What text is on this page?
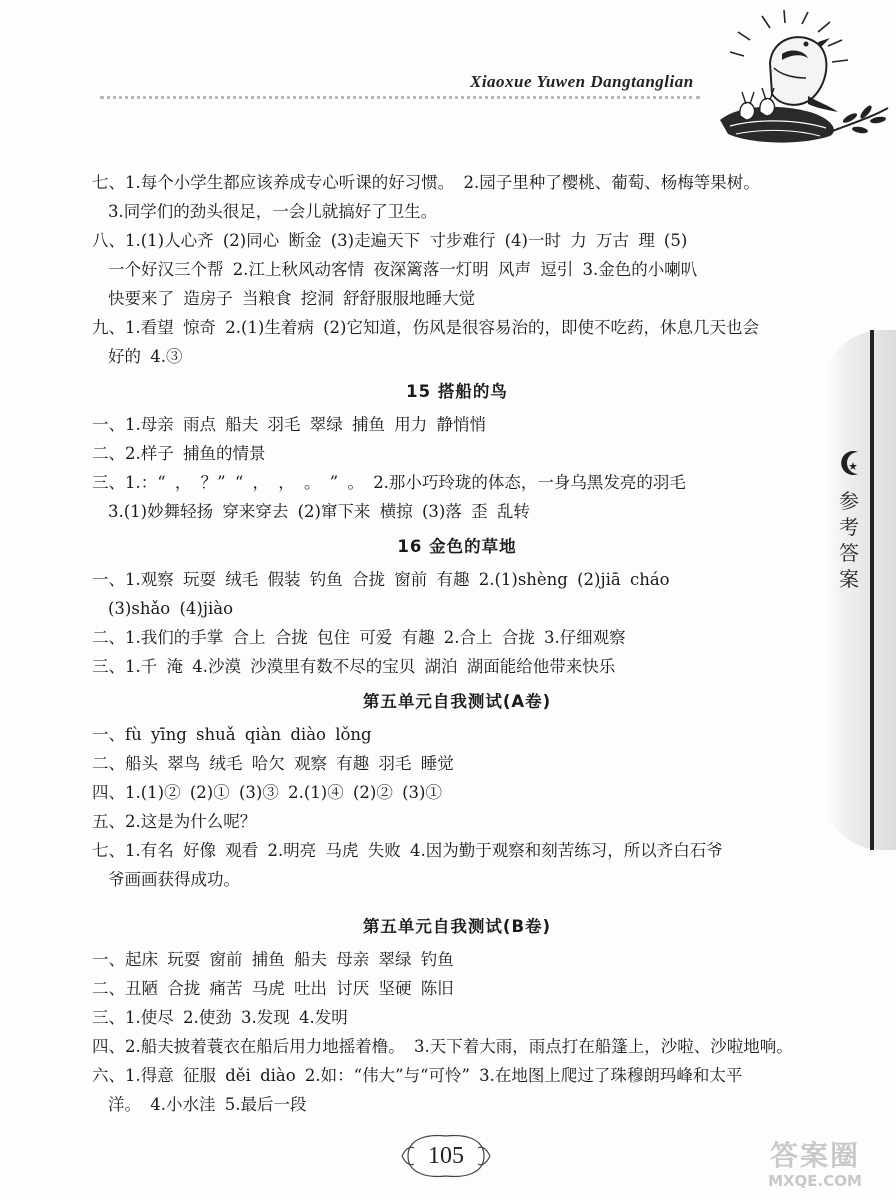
Xiaoxue Yuwen Dangtanglian
参考答案
七、1.每个小学生都应该养成专心听课的好习惯。 2.园子里种了樱桃、葡萄、杨梅等果树。
3.同学们的劲头很足，一会儿就搞好了卫生。
八、1.(1)人心齐 (2)同心 断金 (3)走遍天下 寸步难行 (4)一时 力 万古 理 (5)
一个好汉三个帮 2.江上秋风动客情 夜深篱落一灯明 风声 逗引 3.金色的小喇叭
快要来了 造房子 当粮食 挖洞 舒舒服服地睡大觉
九、1.看望 惊奇 2.(1)生着病 (2)它知道，伤风是很容易治的，即使不吃药，休息几天也会
好的 4.③
15 搭船的鸟
一、1.母亲 雨点 船夫 羽毛 翠绿 捕鱼 用力 静悄悄
二、2.样子 捕鱼的情景
三、1.：“ ， ？” “ ， ， 。 ” 。 2.那小巧玲珑的体态，一身乌黑发亮的羽毛
3.(1)妙舞轻扬 穿来穿去 (2)窜下来 横掠 (3)落 歪 乱转
16 金色的草地
一、1.观察 玩耍 绒毛 假装 钓鱼 合拢 窗前 有趣 2.(1)shèng (2)jiā cháo
(3)shǎo (4)jiào
二、1.我们的手掌 合上 合拢 包住 可爱 有趣 2.合上 合拢 3.仔细观察
三、1.千 淹 4.沙漠 沙漠里有数不尽的宝贝 湖泊 湖面能给他带来快乐
第五单元自我测试(A卷)
一、fù yīng shuǎ qiàn diào lǒng
二、船头 翠鸟 绒毛 哈欠 观察 有趣 羽毛 睡觉
四、1.(1)② (2)① (3)③ 2.(1)④ (2)② (3)①
五、2.这是为什么呢？
七、1.有名 好像 观看 2.明亮 马虎 失败 4.因为勤于观察和刻苦练习，所以齐白石爷
爷画画获得成功。
第五单元自我测试(B卷)
一、起床 玩耍 窗前 捕鱼 船夫 母亲 翠绿 钓鱼
二、丑陋 合拢 痛苦 马虎 吐出 讨厌 坚硬 陈旧
三、1.使尽 2.使劲 3.发现 4.发明
四、2.船夫披着蓑衣在船后用力地摇着橹。 3.天下着大雨，雨点打在船篷上，沙啦、沙啦地响。
六、1.得意 征服 děi diào 2.如：“伟大”与“可怜” 3.在地图上爬过了珠穆朗玛峰和太平
洋。 4.小水洼 5.最后一段
105	答案圈
MXQE.COM
